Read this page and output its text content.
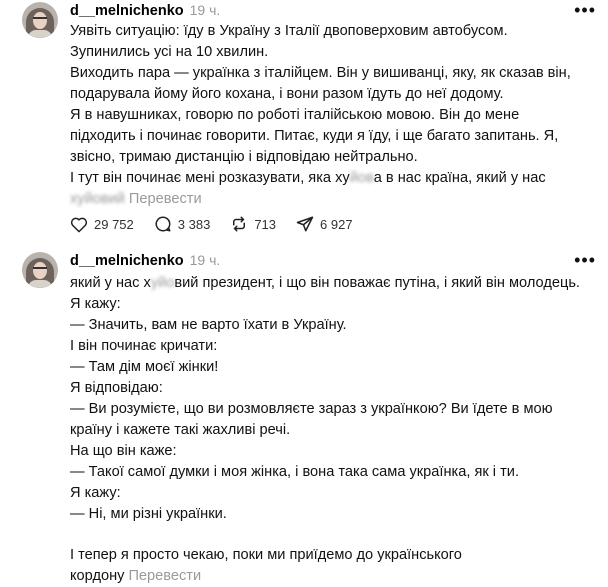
d__melnichenko 19 ч.	•••
Уявіть ситуацію: їду в Україну з Італії двоповерховим автобусом.
Зупинились усі на 10 хвилин.
Виходить пара — українка з італійцем. Він у вишиванці, яку, як сказав він,
подарувала йому його кохана, і вони разом їдуть до неї додому.
Я в навушниках, говорю по роботі італійською мовою. Він до мене
підходить і починає говорити. Питає, куди я їду, і ще багато запитань. Я,
звісно, тримаю дистанцію і відповідаю нейтрально.
І тут він починає мені розказувати, яка хуйова в нас країна, який у нас
хуйовий Перевести
29 752	3 383	713	6 927
d__melnichenko 19 ч.	•••
який у нас хуйовий президент, і що він поважає путіна, і який він молодець.
Я кажу:
— Значить, вам не варто їхати в Україну.
І він починає кричати:
— Там дім моєї жінки!
Я відповідаю:
— Ви розумієте, що ви розмовляєте зараз з українкою? Ви їдете в мою
країну і кажете такі жахливі речі.
На що він каже:
— Такої самої думки і моя жінка, і вона така сама українка, як і ти.
Я кажу:
— Ні, ми різні українки.
І тепер я просто чекаю, поки ми приїдемо до українського
кордону Перевести
